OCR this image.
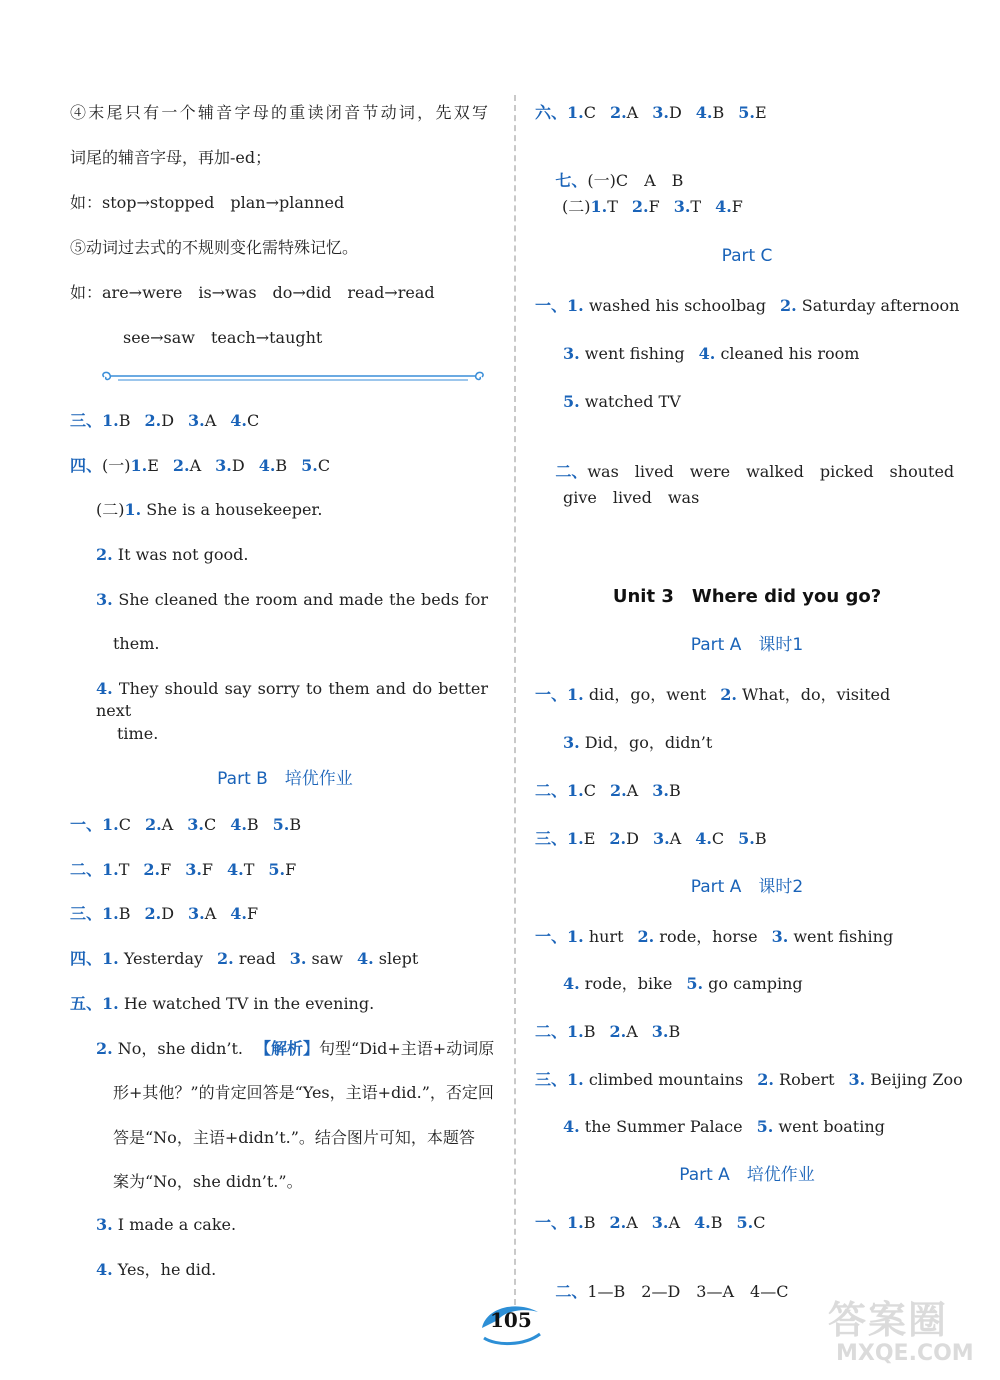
④末尾只有一个辅音字母的重读闭音节动词，先双写
词尾的辅音字母，再加-ed；
如：stop→stopped　plan→planned
⑤动词过去式的不规则变化需特殊记忆。
如：are→were　is→was　do→did　read→read
see→saw　teach→taught
三、1.B 2.D 3.A 4.C
四、(一)1.E 2.A 3.D 4.B 5.C
(二)1. She is a housekeeper.
2. It was not good.
3. She cleaned the room and made the beds for
them.
4. They should say sorry to them and do better next
time.
Part B　培优作业
一、1.C 2.A 3.C 4.B 5.B
二、1.T 2.F 3.F 4.T 5.F
三、1.B 2.D 3.A 4.F
四、1. Yesterday 2. read 3. saw 4. slept
五、1. He watched TV in the evening.
2. No，she didn’t. 【解析】句型“Did+主语+动词原
形+其他？”的肯定回答是“Yes，主语+did.”，否定回
答是“No，主语+didn’t.”。结合图片可知，本题答
案为“No，she didn’t.”。
3. I made a cake.
4. Yes，he did.
六、1.C 2.A 3.D 4.B 5.E

七、(一)C　A　B

(二)1.T 2.F 3.T 4.F
Part C
一、1. washed his schoolbag 2. Saturday afternoon
3. went fishing 4. cleaned his room
5. watched TV

二、was　lived　were　walked　picked　shouted

give　lived　was
Unit 3　Where did you go?
Part A　课时1
一、1. did，go，went 2. What，do，visited
3. Did，go，didn’t
二、1.C 2.A 3.B
三、1.E 2.D 3.A 4.C 5.B
Part A　课时2
一、1. hurt 2. rode，horse 3. went fishing
4. rode，bike 5. go camping
二、1.B 2.A 3.B
三、1. climbed mountains 2. Robert 3. Beijing Zoo
4. the Summer Palace 5. went boating
Part A　培优作业
一、1.B 2.A 3.A 4.B 5.C

二、1—B　2—D　3—A　4—C

105	答案圈
MXQE.COM
